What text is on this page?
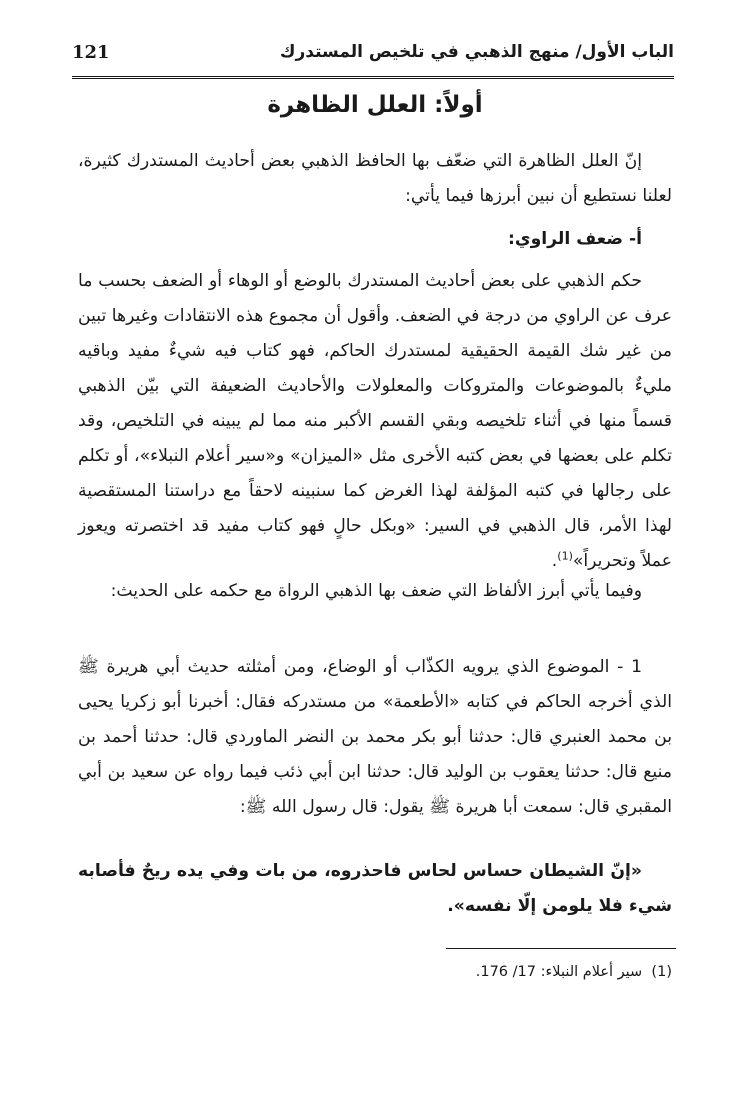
الباب الأول/ منهج الذهبي في تلخيص المستدرك
121
أولاً: العلل الظاهرة

إنّ العلل الظاهرة التي ضعّف بها الحافظ الذهبي بعض أحاديث المستدرك كثيرة، لعلنا نستطيع أن نبين أبرزها فيما يأتي:

أ- ضعف الراوي:

حكم الذهبي على بعض أحاديث المستدرك بالوضع أو الوهاء أو الضعف بحسب ما عرف عن الراوي من درجة في الضعف. وأقول أن مجموع هذه الانتقادات وغيرها تبين من غير شك القيمة الحقيقية لمستدرك الحاكم، فهو كتاب فيه شيءٌ مفيد وباقيه مليءٌ بالموضوعات والمتروكات والمعلولات والأحاديث الضعيفة التي بيّن الذهبي قسماً منها في أثناء تلخيصه وبقي القسم الأكبر منه مما لم يبينه في التلخيص، وقد تكلم على بعضها في بعض كتبه الأخرى مثل «الميزان» و«سير أعلام النبلاء»، أو تكلم على رجالها في كتبه المؤلفة لهذا الغرض كما سنبينه لاحقاً مع دراستنا المستقصية لهذا الأمر، قال الذهبي في السير: «وبكل حالٍ فهو كتاب مفيد قد اختصرته ويعوز عملاً وتحريراً»$^{(1)}$.

وفيما يأتي أبرز الألفاظ التي ضعف بها الذهبي الرواة مع حكمه على الحديث:

1 - الموضوع الذي يرويه الكذّاب أو الوضاع، ومن أمثلته حديث أبي هريرة ﷺ الذي أخرجه الحاكم في كتابه «الأطعمة» من مستدركه فقال: أخبرنا أبو زكريا يحيى بن محمد العنبري قال: حدثنا أبو بكر محمد بن النضر الماوردي قال: حدثنا أحمد بن منيع قال: حدثنا يعقوب بن الوليد قال: حدثنا ابن أبي ذئب فيما رواه عن سعيد بن أبي المقبري قال: سمعت أبا هريرة ﷺ يقول: قال رسول الله ﷺ:

«إنّ الشيطان حساس لحاس فاحذروه، من بات وفي يده ريحٌ فأصابه شيء فلا يلومن إلّا نفسه».

(1)  سير أعلام النبلاء: 17/ 176.
